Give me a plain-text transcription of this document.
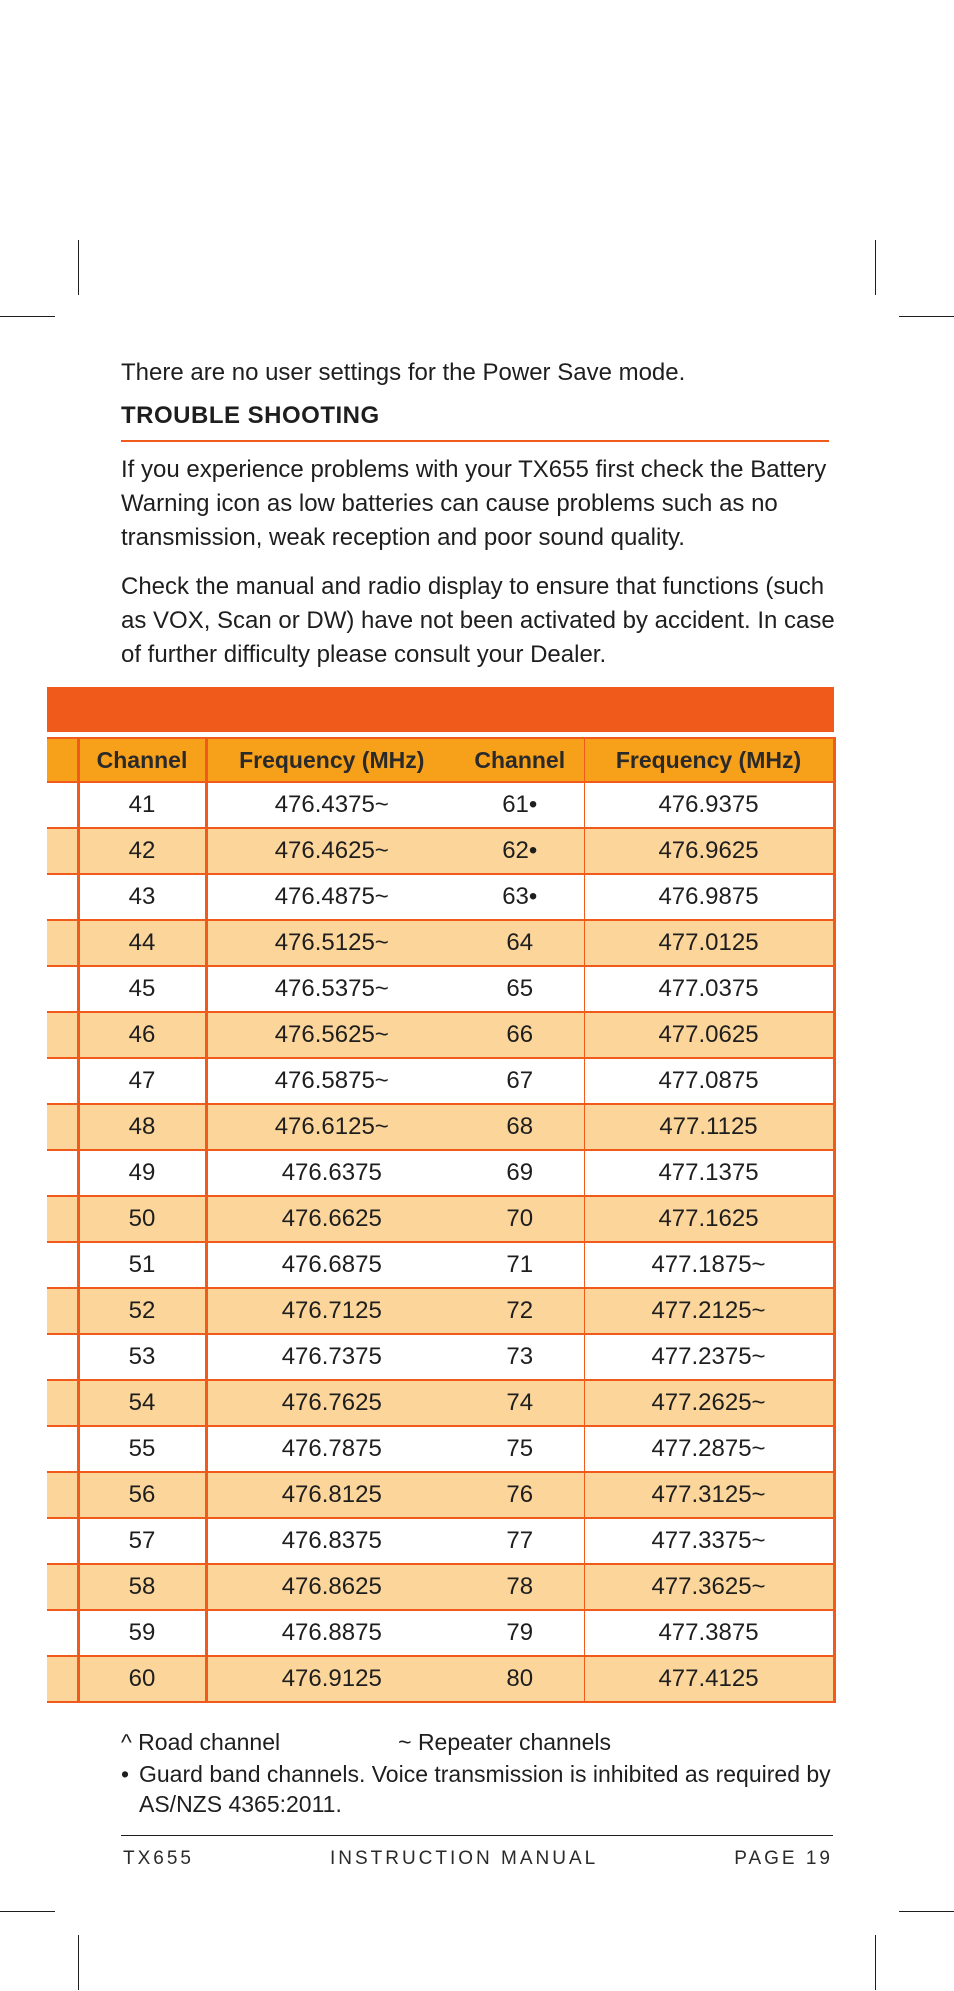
There are no user settings for the Power Save mode.

TROUBLE SHOOTING

If you experience problems with your TX655 first check the Battery Warning icon as low batteries can cause problems such as no transmission, weak reception and poor sound quality.

Check the manual and radio display to ensure that functions (such as VOX, Scan or DW) have not been activated by accident. In case of further difficulty please consult your Dealer.

	Channel	Frequency (MHz)	Channel	Frequency (MHz)
	41	476.4375~	61•	476.9375
	42	476.4625~	62•	476.9625
	43	476.4875~	63•	476.9875
	44	476.5125~	64	477.0125
	45	476.5375~	65	477.0375
	46	476.5625~	66	477.0625
	47	476.5875~	67	477.0875
	48	476.6125~	68	477.1125
	49	476.6375	69	477.1375
	50	476.6625	70	477.1625
	51	476.6875	71	477.1875~
	52	476.7125	72	477.2125~
	53	476.7375	73	477.2375~
	54	476.7625	74	477.2625~
	55	476.7875	75	477.2875~
	56	476.8125	76	477.3125~
	57	476.8375	77	477.3375~
	58	476.8625	78	477.3625~
	59	476.8875	79	477.3875
	60	476.9125	80	477.4125
^ Road channel	~ Repeater channels
• Guard band channels. Voice transmission is inhibited as required by AS/NZS 4365:2011.
TX655	INSTRUCTION MANUAL	PAGE 19
